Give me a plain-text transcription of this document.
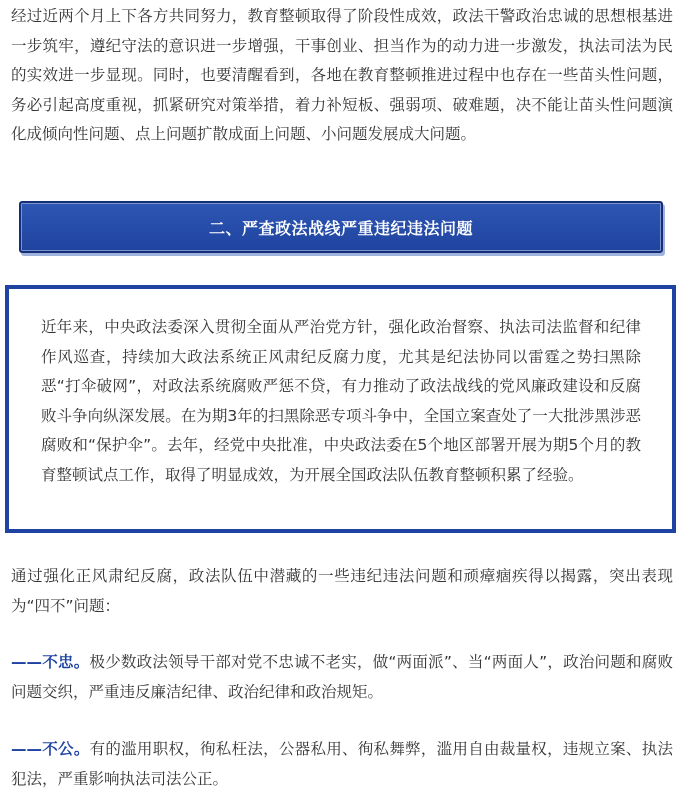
经过近两个月上下各方共同努力，教育整顿取得了阶段性成效，政法干警政治忠诚的思想根基进一步筑牢，遵纪守法的意识进一步增强，干事创业、担当作为的动力进一步激发，执法司法为民的实效进一步显现。同时，也要清醒看到，各地在教育整顿推进过程中也存在一些苗头性问题，务必引起高度重视，抓紧研究对策举措，着力补短板、强弱项、破难题，决不能让苗头性问题演化成倾向性问题、点上问题扩散成面上问题、小问题发展成大问题。

二、严查政法战线严重违纪违法问题

近年来，中央政法委深入贯彻全面从严治党方针，强化政治督察、执法司法监督和纪律作风巡查，持续加大政法系统正风肃纪反腐力度，尤其是纪法协同以雷霆之势扫黑除恶“打伞破网”，对政法系统腐败严惩不贷，有力推动了政法战线的党风廉政建设和反腐败斗争向纵深发展。在为期3年的扫黑除恶专项斗争中，全国立案查处了一大批涉黑涉恶腐败和“保护伞”。去年，经党中央批准，中央政法委在5个地区部署开展为期5个月的教育整顿试点工作，取得了明显成效，为开展全国政法队伍教育整顿积累了经验。

通过强化正风肃纪反腐，政法队伍中潜藏的一些违纪违法问题和顽瘴痼疾得以揭露，突出表现为“四不”问题：

——不忠。极少数政法领导干部对党不忠诚不老实，做“两面派”、当“两面人”，政治问题和腐败问题交织，严重违反廉洁纪律、政治纪律和政治规矩。

——不公。有的滥用职权，徇私枉法，公器私用、徇私舞弊，滥用自由裁量权，违规立案、执法犯法，严重影响执法司法公正。
